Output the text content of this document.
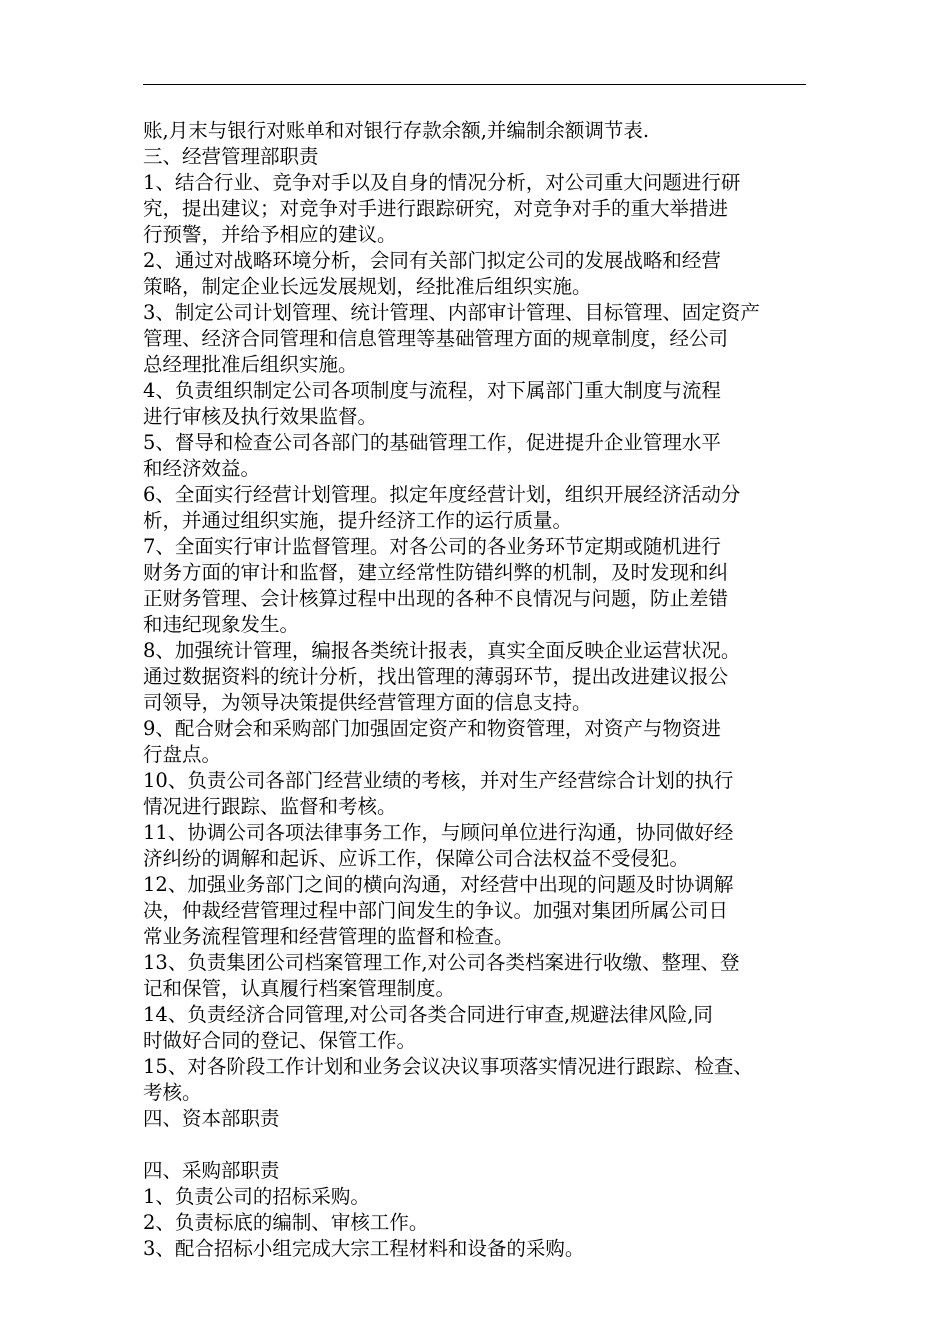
账,月末与银行对账单和对银行存款余额,并编制余额调节表.
三、经营管理部职责
1、结合行业、竞争对手以及自身的情况分析，对公司重大问题进行研
究，提出建议；对竞争对手进行跟踪研究，对竞争对手的重大举措进
行预警，并给予相应的建议。
2、通过对战略环境分析，会同有关部门拟定公司的发展战略和经营
策略，制定企业长远发展规划，经批准后组织实施。
3、制定公司计划管理、统计管理、内部审计管理、目标管理、固定资产
管理、经济合同管理和信息管理等基础管理方面的规章制度，经公司
总经理批准后组织实施。
4、负责组织制定公司各项制度与流程，对下属部门重大制度与流程
进行审核及执行效果监督。
5、督导和检查公司各部门的基础管理工作，促进提升企业管理水平
和经济效益。
6、全面实行经营计划管理。拟定年度经营计划，组织开展经济活动分
析，并通过组织实施，提升经济工作的运行质量。
7、全面实行审计监督管理。对各公司的各业务环节定期或随机进行
财务方面的审计和监督，建立经常性防错纠弊的机制，及时发现和纠
正财务管理、会计核算过程中出现的各种不良情况与问题，防止差错
和违纪现象发生。
8、加强统计管理，编报各类统计报表，真实全面反映企业运营状况。
通过数据资料的统计分析，找出管理的薄弱环节，提出改进建议报公
司领导，为领导决策提供经营管理方面的信息支持。
9、配合财会和采购部门加强固定资产和物资管理，对资产与物资进
行盘点。
10、负责公司各部门经营业绩的考核，并对生产经营综合计划的执行
情况进行跟踪、监督和考核。
11、协调公司各项法律事务工作，与顾问单位进行沟通，协同做好经
济纠纷的调解和起诉、应诉工作，保障公司合法权益不受侵犯。
12、加强业务部门之间的横向沟通，对经营中出现的问题及时协调解
决，仲裁经营管理过程中部门间发生的争议。加强对集团所属公司日
常业务流程管理和经营管理的监督和检查。
13、负责集团公司档案管理工作,对公司各类档案进行收缴、整理、登
记和保管，认真履行档案管理制度。
14、负责经济合同管理,对公司各类合同进行审查,规避法律风险,同
时做好合同的登记、保管工作。
15、对各阶段工作计划和业务会议决议事项落实情况进行跟踪、检查、
考核。
四、资本部职责
四、采购部职责
1、负责公司的招标采购。
2、负责标底的编制、审核工作。
3、配合招标小组完成大宗工程材料和设备的采购。
